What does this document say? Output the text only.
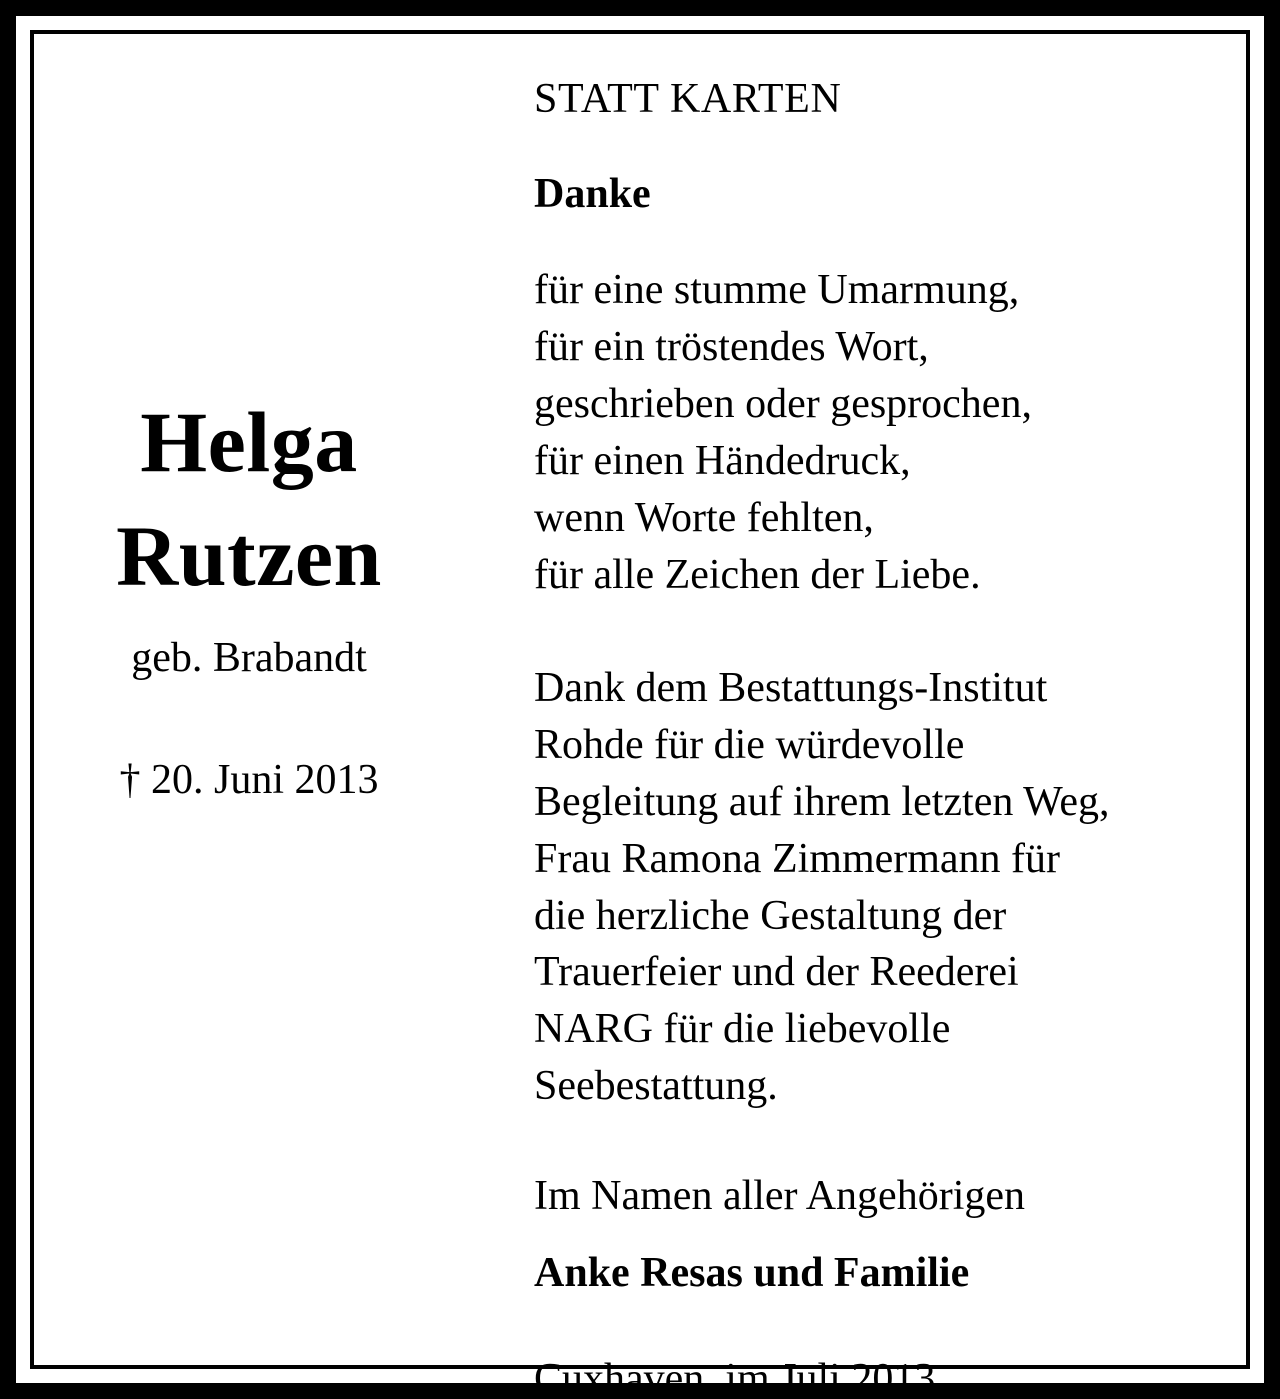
Helga
Rutzen
geb. Brabandt
† 20. Juni 2013
STATT KARTEN
Danke
für eine stumme Umarmung,
für ein tröstendes Wort,
geschrieben oder gesprochen,
für einen Händedruck,
wenn Worte fehlten,
für alle Zeichen der Liebe.
Dank dem Bestattungs-Institut
Rohde für die würdevolle
Begleitung auf ihrem letzten Weg,
Frau Ramona Zimmermann für
die herzliche Gestaltung der
Trauerfeier und der Reederei
NARG für die liebevolle
Seebestattung.
Im Namen aller Angehörigen
Anke Resas und Familie
Cuxhaven, im Juli 2013
